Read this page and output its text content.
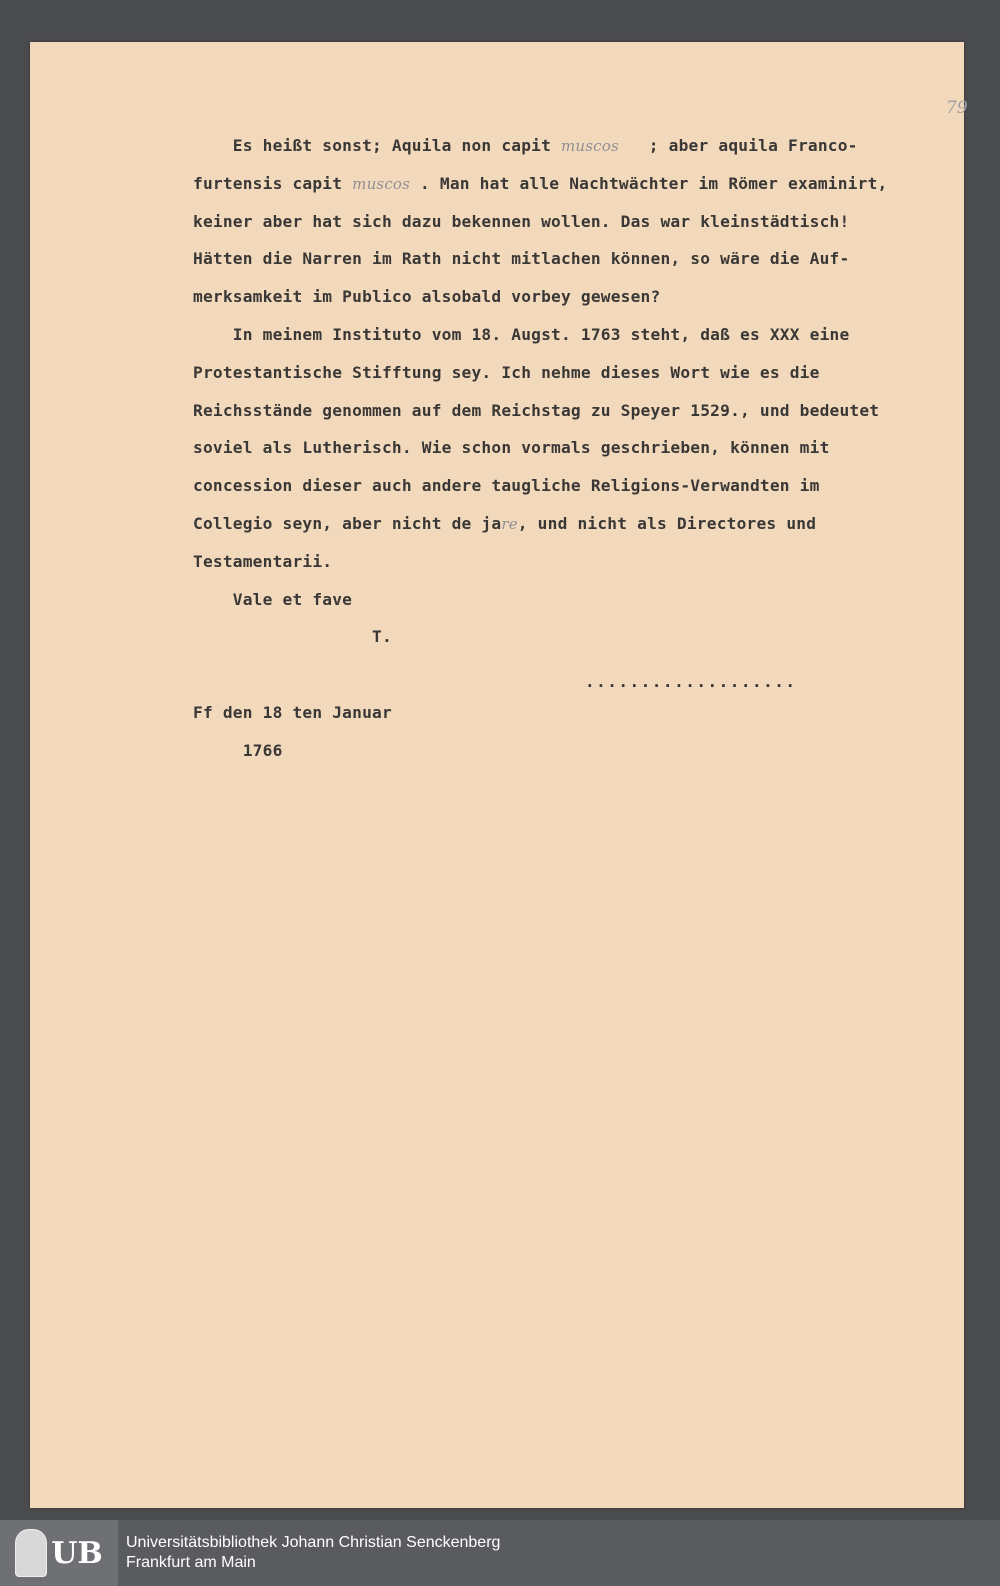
79
Es heißt sonst; Aquila non capit muscos   ; aber aquila Franco-
furtensis capit muscos . Man hat alle Nachtwächter im Römer examinirt,
keiner aber hat sich dazu bekennen wollen. Das war kleinstädtisch!
Hätten die Narren im Rath nicht mitlachen können, so wäre die Auf-
merksamkeit im Publico alsobald vorbey gewesen?
In meinem Instituto vom 18. Augst. 1763 steht, daß es XXX eine
Protestantische Stifftung sey. Ich nehme dieses Wort wie es die
Reichsstände genommen auf dem Reichstag zu Speyer 1529., und bedeutet
soviel als Lutherisch. Wie schon vormals geschrieben, können mit
concession dieser auch andere taugliche Religions-Verwandten im
Collegio seyn, aber nicht de jare, und nicht als Directores und
Testamentarii.
Vale et fave
T.
Ff den 18 ten Januar
1766
...................
UB Universitätsbibliothek Johann Christian Senckenberg
Frankfurt am Main
